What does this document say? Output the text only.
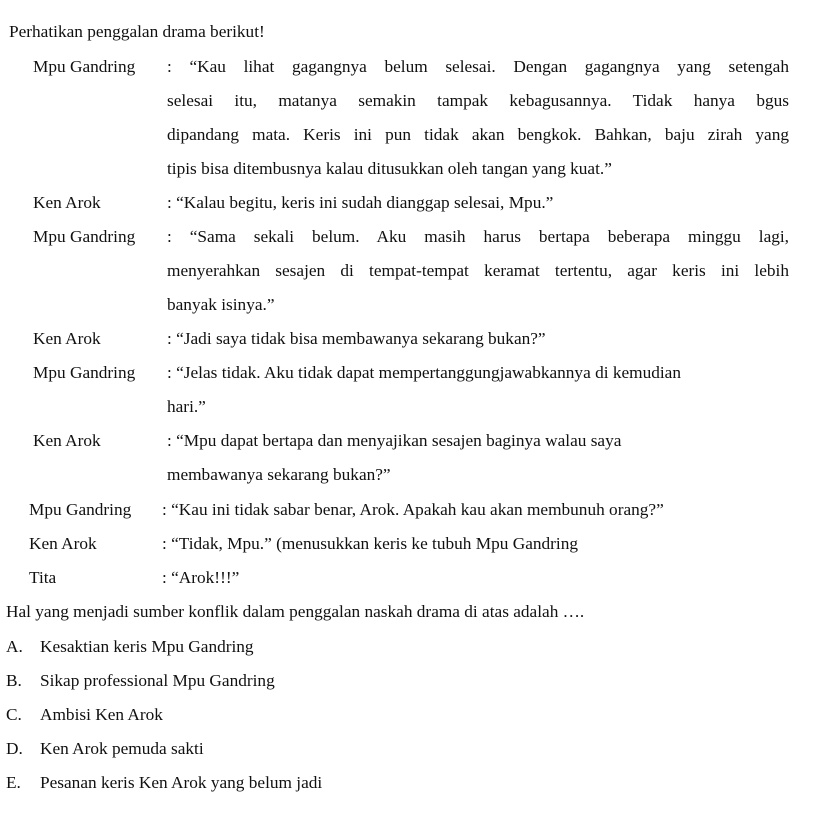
Perhatikan penggalan drama berikut!
Mpu Gandring : “Kau lihat gagangnya belum selesai. Dengan gagangnya yang setengah
selesai itu, matanya semakin tampak kebagusannya. Tidak hanya bgus
dipandang mata. Keris ini pun tidak akan bengkok. Bahkan, baju zirah yang
tipis bisa ditembusnya kalau ditusukkan oleh tangan yang kuat.”
Ken Arok	: “Kalau begitu, keris ini sudah dianggap selesai, Mpu.”
Mpu Gandring : “Sama sekali belum. Aku masih harus bertapa beberapa minggu lagi,
menyerahkan sesajen di tempat-tempat keramat tertentu, agar keris ini lebih
banyak isinya.”
Ken Arok	: “Jadi saya tidak bisa membawanya sekarang bukan?”
Mpu Gandring : “Jelas tidak. Aku tidak dapat mempertanggungjawabkannya di kemudian
hari.”
Ken Arok	: “Mpu dapat bertapa dan menyajikan sesajen baginya walau saya
membawanya sekarang bukan?”
Mpu Gandring : “Kau ini tidak sabar benar, Arok. Apakah kau akan membunuh orang?”
Ken Arok	: “Tidak, Mpu.” (menusukkan keris ke tubuh Mpu Gandring
Tita	: “Arok!!!”
Hal yang menjadi sumber konflik dalam penggalan naskah drama di atas adalah ….
A. Kesaktian keris Mpu Gandring
B. Sikap professional Mpu Gandring
C. Ambisi Ken Arok
D. Ken Arok pemuda sakti
E. Pesanan keris Ken Arok yang belum jadi
